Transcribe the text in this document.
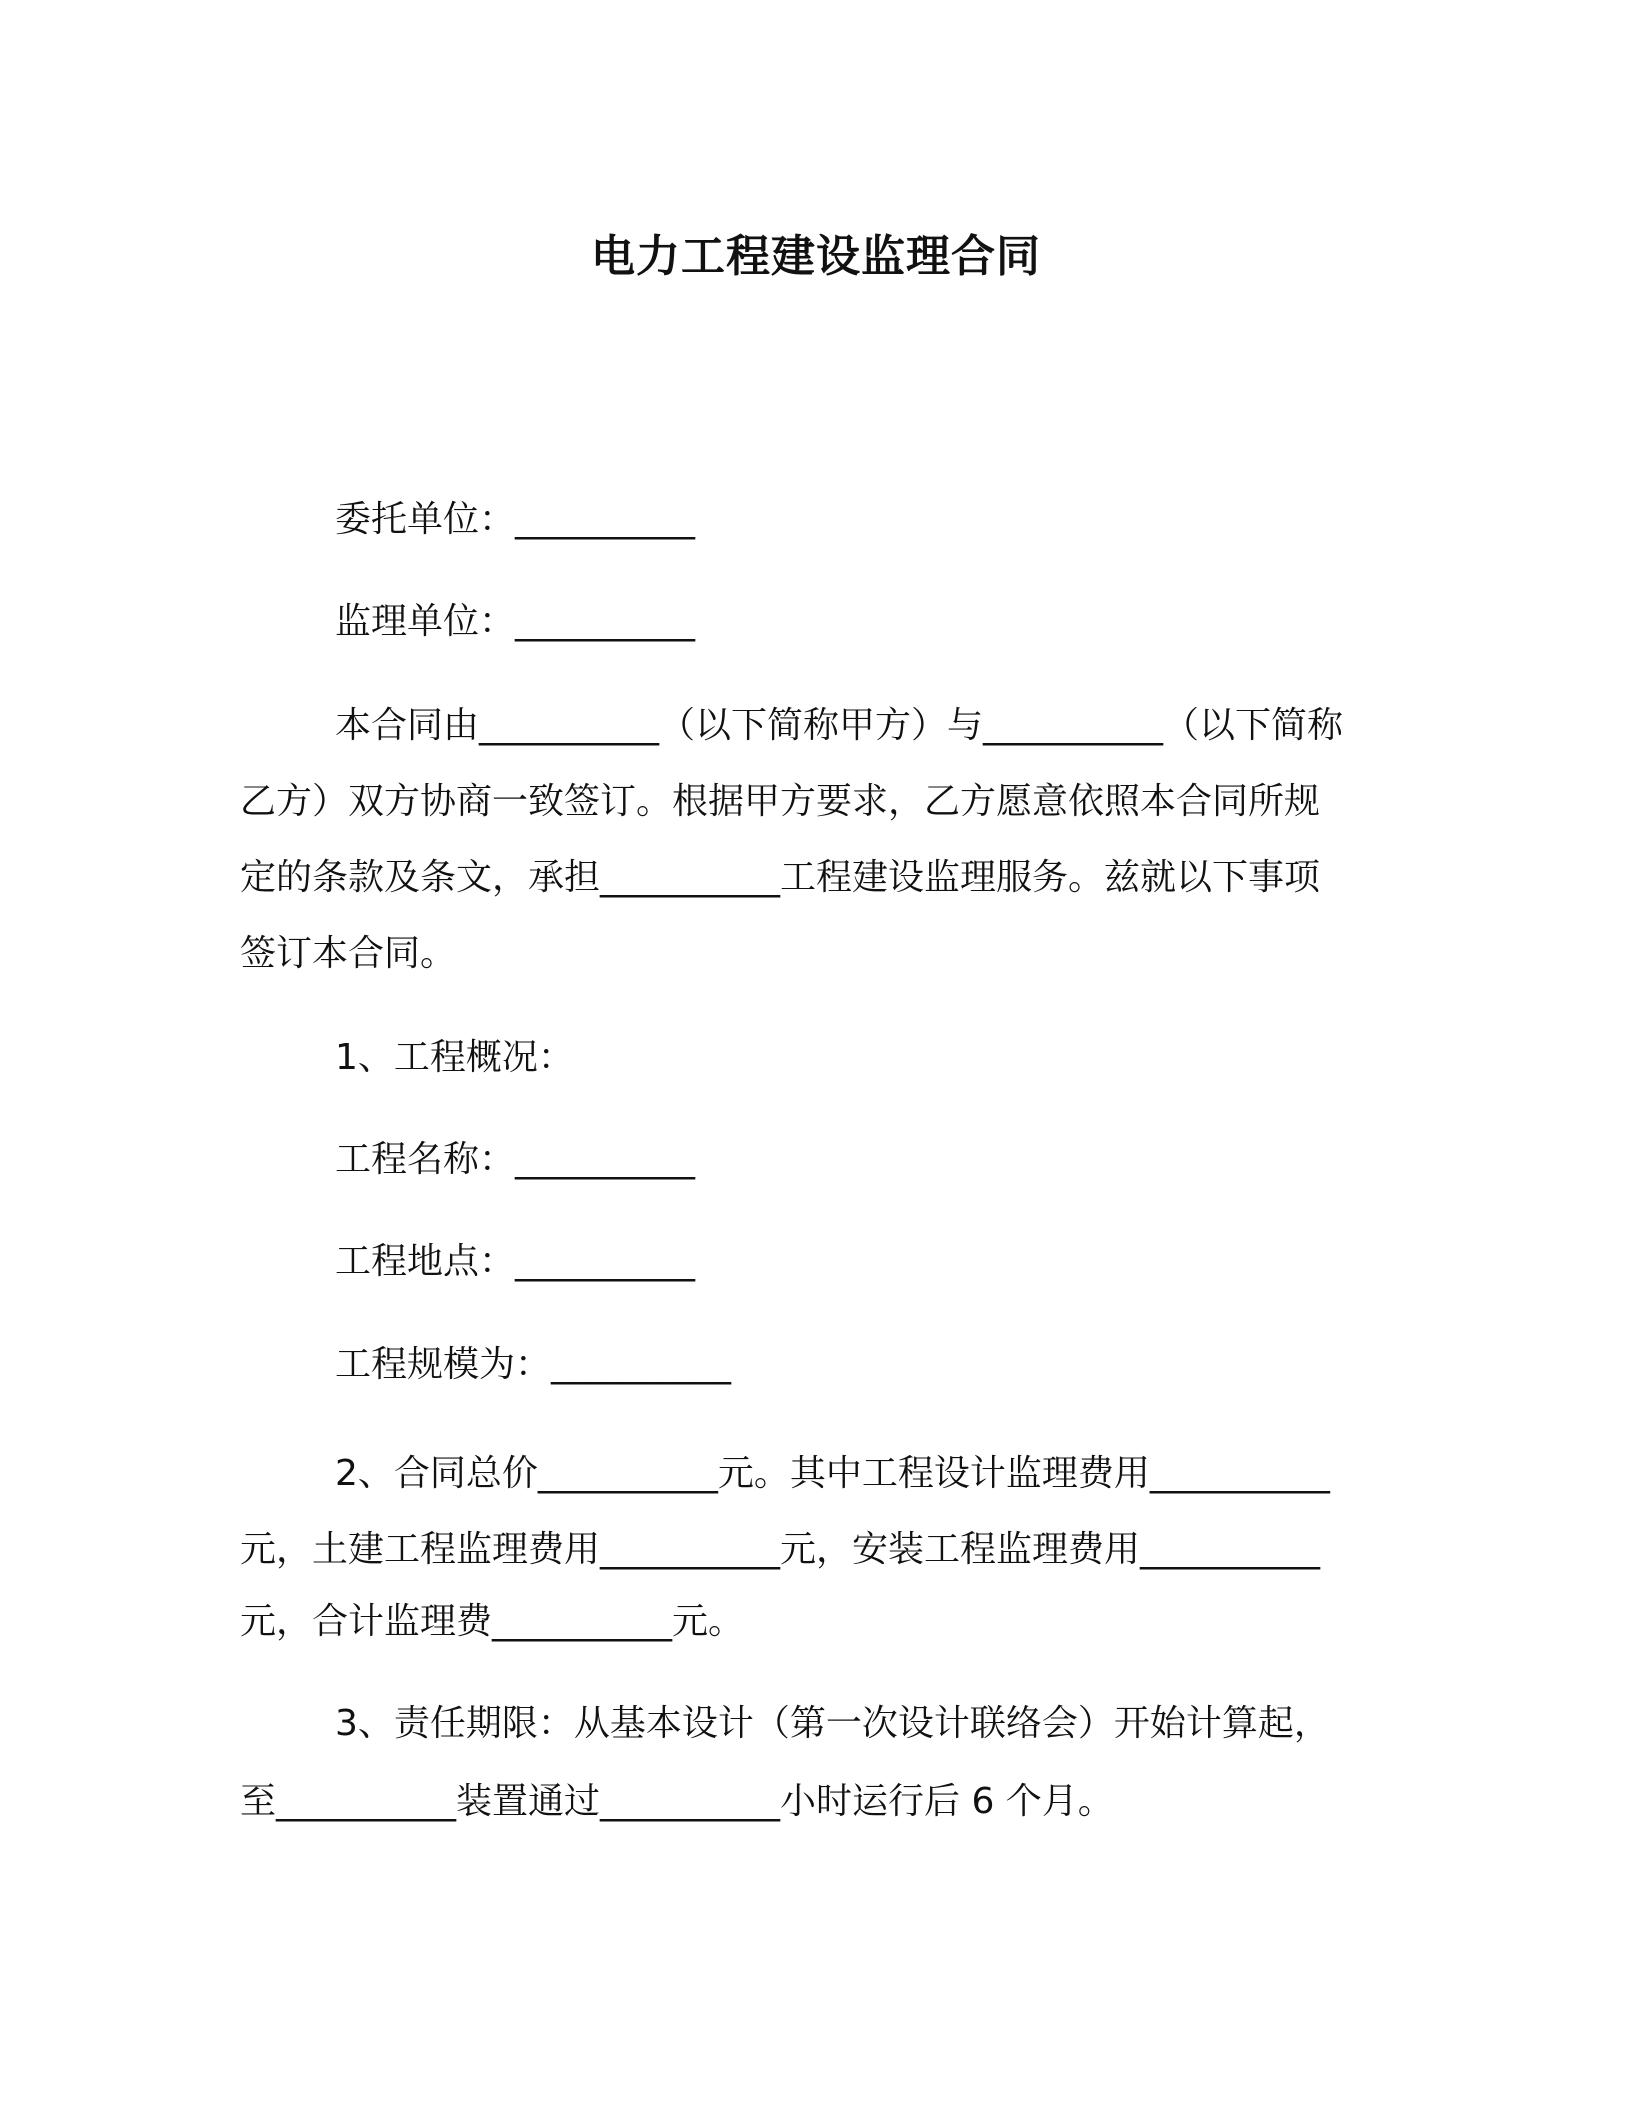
电力工程建设监理合同
委托单位：__________
监理单位：__________
本合同由__________（以下简称甲方）与__________（以下简称
乙方）双方协商一致签订。根据甲方要求，乙方愿意依照本合同所规
定的条款及条文，承担__________工程建设监理服务。兹就以下事项
签订本合同。
1、工程概况：
工程名称：__________
工程地点：__________
工程规模为：__________
2、合同总价__________元。其中工程设计监理费用__________
元，土建工程监理费用__________元，安装工程监理费用__________
元，合计监理费__________元。
3、责任期限：从基本设计（第一次设计联络会）开始计算起，
至__________装置通过__________小时运行后 6 个月。
